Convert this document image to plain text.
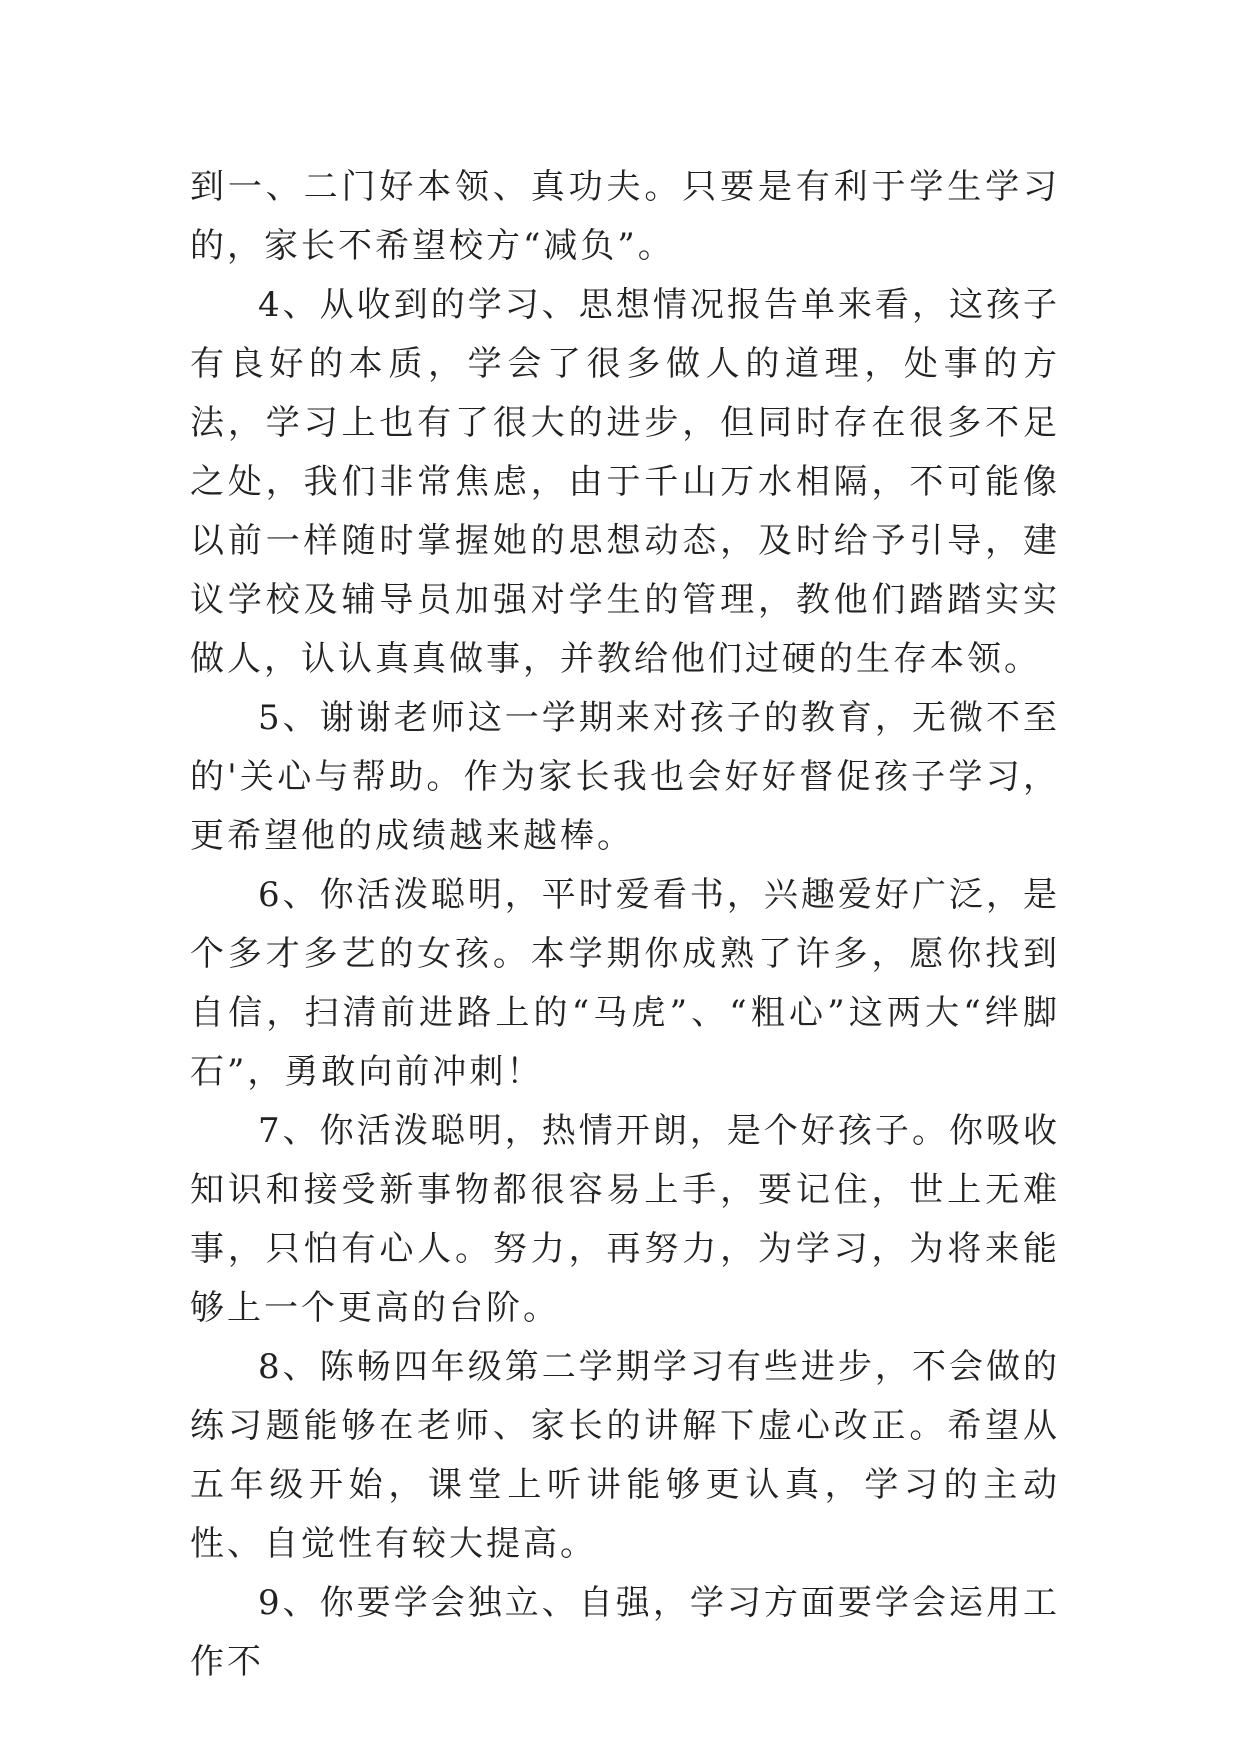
到一、二门好本领、真功夫。只要是有利于学生学习的，家长不希望校方“减负”。

4、从收到的学习、思想情况报告单来看，这孩子有良好的本质，学会了很多做人的道理，处事的方法，学习上也有了很大的进步，但同时存在很多不足之处，我们非常焦虑，由于千山万水相隔，不可能像以前一样随时掌握她的思想动态，及时给予引导，建议学校及辅导员加强对学生的管理，教他们踏踏实实做人，认认真真做事，并教给他们过硬的生存本领。

5、谢谢老师这一学期来对孩子的教育，无微不至的'关心与帮助。作为家长我也会好好督促孩子学习，更希望他的成绩越来越棒。

6、你活泼聪明，平时爱看书，兴趣爱好广泛，是个多才多艺的女孩。本学期你成熟了许多，愿你找到自信，扫清前进路上的“马虎”、“粗心”这两大“绊脚石”，勇敢向前冲刺！

7、你活泼聪明，热情开朗，是个好孩子。你吸收知识和接受新事物都很容易上手，要记住，世上无难事，只怕有心人。努力，再努力，为学习，为将来能够上一个更高的台阶。

8、陈畅四年级第二学期学习有些进步，不会做的练习题能够在老师、家长的讲解下虚心改正。希望从五年级开始，课堂上听讲能够更认真，学习的主动性、自觉性有较大提高。

9、你要学会独立、自强，学习方面要学会运用工作不
